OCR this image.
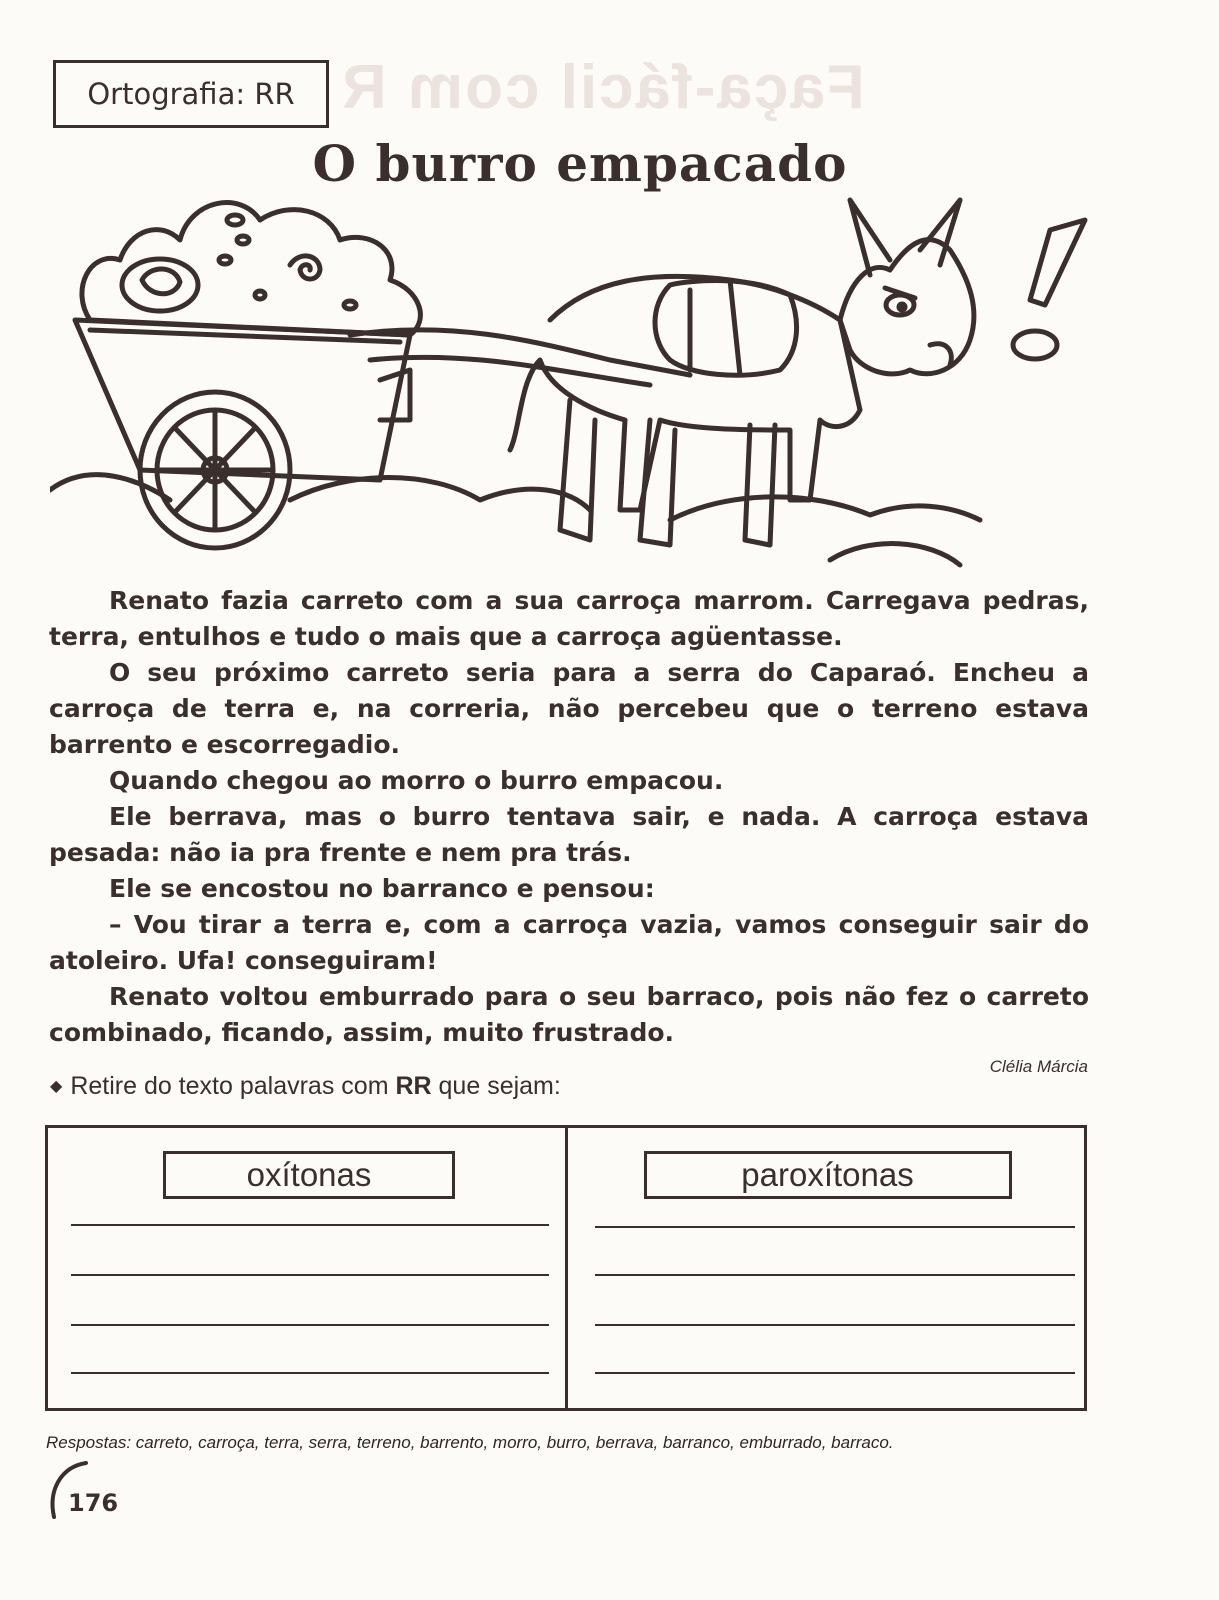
Faça-fácil com R
Ortografia: RR
O burro empacado

Renato fazia carreto com a sua carroça marrom. Carregava pedras, terra, entulhos e tudo o mais que a carroça agüentasse.

O seu próximo carreto seria para a serra do Caparaó. Encheu a carroça de terra e, na correria, não percebeu que o terreno estava barrento e escorregadio.

Quando chegou ao morro o burro empacou.

Ele berrava, mas o burro tentava sair, e nada. A carroça estava pesada: não ia pra frente e nem pra trás.

Ele se encostou no barranco e pensou:

– Vou tirar a terra e, com a carroça vazia, vamos conseguir sair do atoleiro. Ufa! conseguiram!

Renato voltou emburrado para o seu barraco, pois não fez o carreto combinado, ficando, assim, muito frustrado.

Clélia Márcia
◆ Retire do texto palavras com RR que sejam:
oxítonas	paroxítonas
Respostas: carreto, carroça, terra, serra, terreno, barrento, morro, burro, berrava, barranco, emburrado, barraco.
176
